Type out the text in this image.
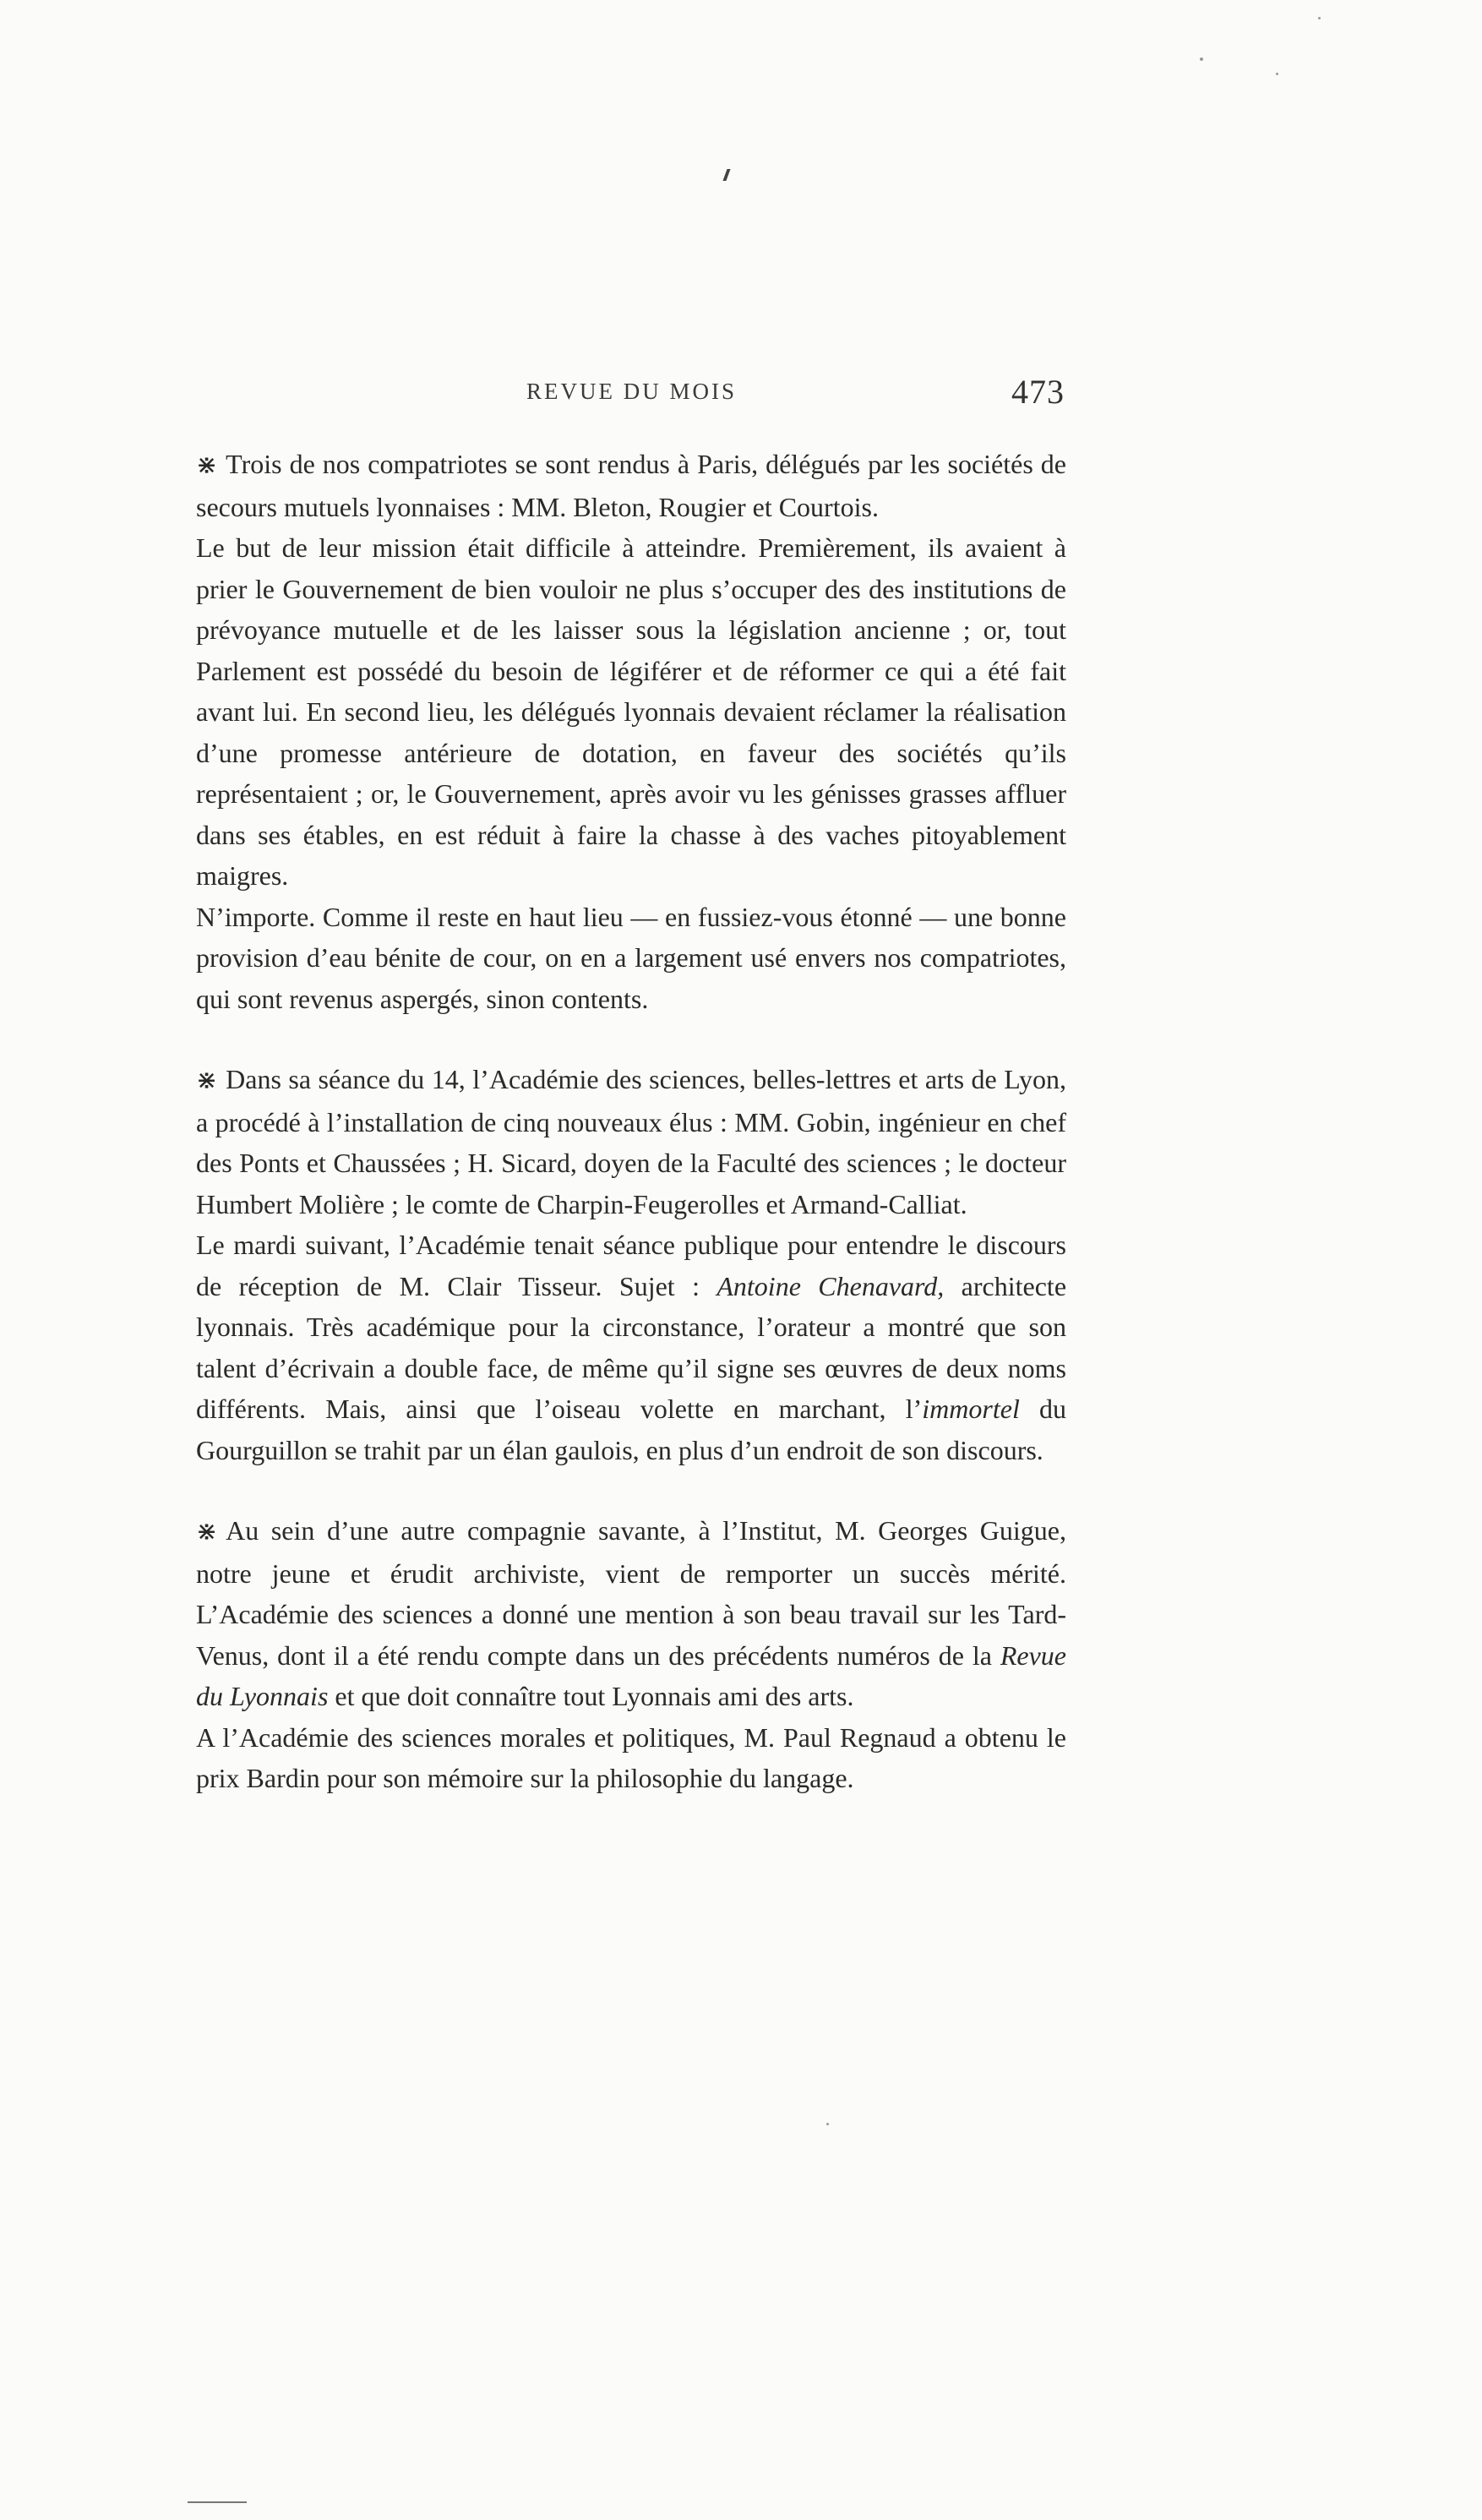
REVUE DU MOIS	473

⋇ Trois de nos compatriotes se sont rendus à Paris, délégués par les sociétés de secours mutuels lyonnaises : MM. Bleton, Rougier et Courtois.

Le but de leur mission était difficile à atteindre. Premièrement, ils avaient à prier le Gouvernement de bien vouloir ne plus s’occuper des des institutions de prévoyance mutuelle et de les laisser sous la législation ancienne ; or, tout Parlement est possédé du besoin de légiférer et de réformer ce qui a été fait avant lui. En second lieu, les délégués lyonnais devaient réclamer la réalisation d’une promesse antérieure de dotation, en faveur des sociétés qu’ils représentaient ; or, le Gouvernement, après avoir vu les génisses grasses affluer dans ses étables, en est réduit à faire la chasse à des vaches pitoyablement maigres.

N’importe. Comme il reste en haut lieu — en fussiez-vous étonné — une bonne provision d’eau bénite de cour, on en a largement usé envers nos compatriotes, qui sont revenus aspergés, sinon contents.

⋇ Dans sa séance du 14, l’Académie des sciences, belles-lettres et arts de Lyon, a procédé à l’installation de cinq nouveaux élus : MM. Gobin, ingénieur en chef des Ponts et Chaussées ; H. Sicard, doyen de la Faculté des sciences ; le docteur Humbert Molière ; le comte de Charpin-Feugerolles et Armand-Calliat.

Le mardi suivant, l’Académie tenait séance publique pour entendre le discours de réception de M. Clair Tisseur. Sujet : Antoine Chenavard, architecte lyonnais. Très académique pour la circonstance, l’orateur a montré que son talent d’écrivain a double face, de même qu’il signe ses œuvres de deux noms différents. Mais, ainsi que l’oiseau volette en marchant, l’immortel du Gourguillon se trahit par un élan gaulois, en plus d’un endroit de son discours.

⋇ Au sein d’une autre compagnie savante, à l’Institut, M. Georges Guigue, notre jeune et érudit archiviste, vient de remporter un succès mérité. L’Académie des sciences a donné une mention à son beau travail sur les Tard-Venus, dont il a été rendu compte dans un des précédents numéros de la Revue du Lyonnais et que doit connaître tout Lyonnais ami des arts.

A l’Académie des sciences morales et politiques, M. Paul Regnaud a obtenu le prix Bardin pour son mémoire sur la philosophie du langage.
